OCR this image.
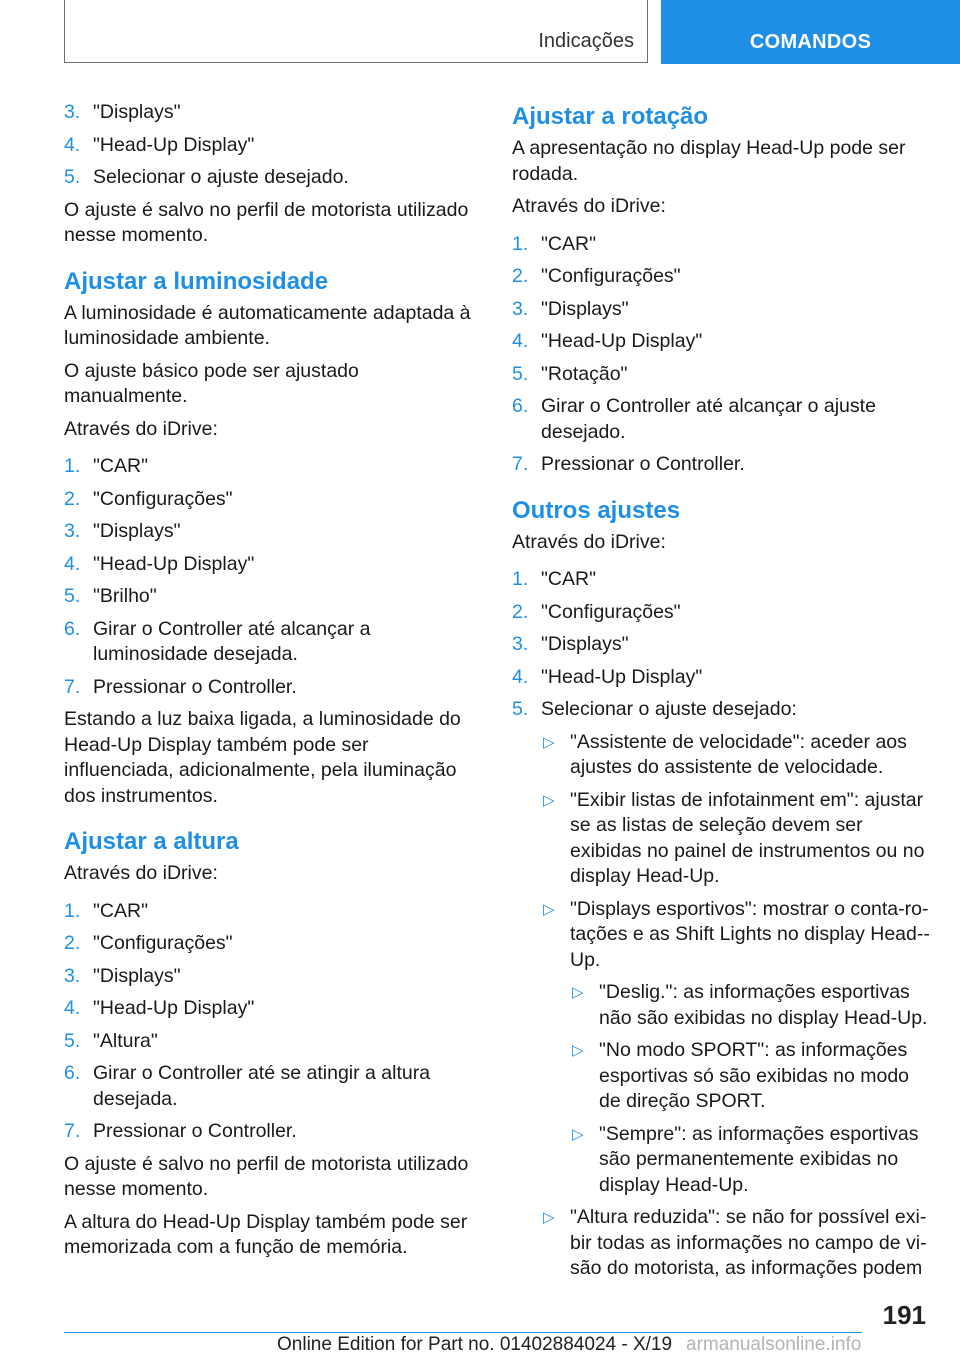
Indicações	COMANDOS
3. "Displays"
4. "Head-Up Display"
5. Selecionar o ajuste desejado.
O ajuste é salvo no perfil de motorista utilizado nesse momento.
Ajustar a luminosidade
A luminosidade é automaticamente adaptada à luminosidade ambiente.
O ajuste básico pode ser ajustado manualmente.
Através do iDrive:
1. "CAR"
2. "Configurações"
3. "Displays"
4. "Head-Up Display"
5. "Brilho"
6. Girar o Controller até alcançar a luminosidade desejada.
7. Pressionar o Controller.
Estando a luz baixa ligada, a luminosidade do Head-Up Display também pode ser influenciada, adicionalmente, pela iluminação dos instrumentos.
Ajustar a altura
Através do iDrive:
1. "CAR"
2. "Configurações"
3. "Displays"
4. "Head-Up Display"
5. "Altura"
6. Girar o Controller até se atingir a altura desejada.
7. Pressionar o Controller.
O ajuste é salvo no perfil de motorista utilizado nesse momento.
A altura do Head-Up Display também pode ser memorizada com a função de memória.
Ajustar a rotação
A apresentação no display Head-Up pode ser rodada.
Através do iDrive:
1. "CAR"
2. "Configurações"
3. "Displays"
4. "Head-Up Display"
5. "Rotação"
6. Girar o Controller até alcançar o ajuste desejado.
7. Pressionar o Controller.
Outros ajustes
Através do iDrive:
1. "CAR"
2. "Configurações"
3. "Displays"
4. "Head-Up Display"
5. Selecionar o ajuste desejado:
▷ "Assistente de velocidade": aceder aos ajustes do assistente de velocidade.
▷ "Exibir listas de infotainment em": ajustar se as listas de seleção devem ser exibidas no painel de instrumentos ou no display Head-Up.
▷ "Displays esportivos": mostrar o conta-rotações e as Shift Lights no display Head-Up.
▷ "Deslig.": as informações esportivas não são exibidas no display Head-Up.
▷ "No modo SPORT": as informações esportivas só são exibidas no modo de direção SPORT.
▷ "Sempre": as informações esportivas são permanentemente exibidas no display Head-Up.
▷ "Altura reduzida": se não for possível exibir todas as informações no campo de visão do motorista, as informações podem
191
Online Edition for Part no. 01402884024 - X/19 armanualsonline.info
